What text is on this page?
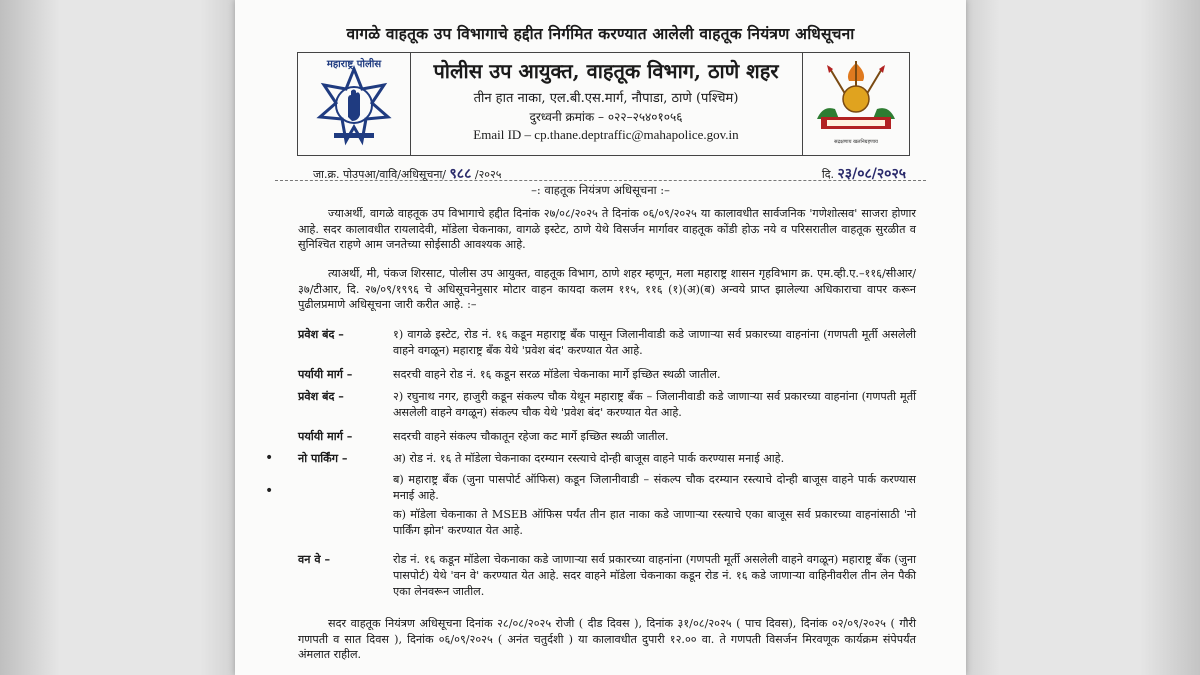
वागळे वाहतूक उप विभागाचे हद्दीत निर्गमित करण्यात आलेली वाहतूक नियंत्रण अधिसूचना
महाराष्ट्र पोलीस	पोलीस उप आयुक्त, वाहतूक विभाग, ठाणे शहर
तीन हात नाका, एल.बी.एस.मार्ग, नौपाडा, ठाणे (पश्चिम)
दुरध्वनी क्रमांक – ०२२–२५४०१०५६
Email ID – cp.thane.deptraffic@mahapolice.gov.in	सद्रक्षणाय खलनिग्रहणाय
जा.क्र. पोउपआ/वावि/अधिसूचना/ ९८८ /२०२५	दि. २३/०८/२०२५
–: वाहतूक नियंत्रण अधिसूचना :–
ज्याअर्थी, वागळे वाहतूक उप विभागाचे हद्दीत दिनांक २७/०८/२०२५ ते दिनांक ०६/०९/२०२५ या कालावधीत सार्वजनिक 'गणेशोत्सव' साजरा होणार आहे. सदर कालावधीत रायलादेवी, मॉडेला चेकनाका, वागळे इस्टेट, ठाणे येथे विसर्जन मार्गावर वाहतूक कोंडी होऊ नये व परिसरातील वाहतूक सुरळीत व सुनिश्चित राहणे आम जनतेच्या सोईसाठी आवश्यक आहे.
त्याअर्थी, मी, पंकज शिरसाट, पोलीस उप आयुक्त, वाहतूक विभाग, ठाणे शहर म्हणून, मला महाराष्ट्र शासन गृहविभाग क्र. एम.व्ही.ए.–११६/सीआर/३७/टीआर, दि. २७/०९/१९९६ चे अधिसूचनेनुसार मोटार वाहन कायदा कलम ११५, ११६ (१)(अ)(ब) अन्वये प्राप्त झालेल्या अधिकाराचा वापर करून पुढीलप्रमाणे अधिसूचना जारी करीत आहे. :–
प्रवेश बंद –	१) वागळे इस्टेट, रोड नं. १६ कडून महाराष्ट्र बँक पासून जिलानीवाडी कडे जाणाऱ्या सर्व प्रकारच्या वाहनांना (गणपती मूर्ती असलेली वाहने वगळून) महाराष्ट्र बँक येथे 'प्रवेश बंद' करण्यात येत आहे.
पर्यायी मार्ग –	सदरची वाहने रोड नं. १६ कडून सरळ मॉडेला चेकनाका मार्गे इच्छित स्थळी जातील.
प्रवेश बंद –	२) रघुनाथ नगर, हाजुरी कडून संकल्प चौक येथून महाराष्ट्र बँक – जिलानीवाडी कडे जाणाऱ्या सर्व प्रकारच्या वाहनांना (गणपती मूर्ती असलेली वाहने वगळून) संकल्प चौक येथे 'प्रवेश बंद' करण्यात येत आहे.
पर्यायी मार्ग –	सदरची वाहने संकल्प चौकातून रहेजा कट मार्गे इच्छित स्थळी जातील.
• नो पार्किंग –	अ) रोड नं. १६ ते मॉडेला चेकनाका दरम्यान रस्त्याचे दोन्ही बाजूस वाहने पार्क करण्यास मनाई आहे.
•
ब) महाराष्ट्र बँक (जुना पासपोर्ट ऑफिस) कडून जिलानीवाडी – संकल्प चौक दरम्यान रस्त्याचे दोन्ही बाजूस वाहने पार्क करण्यास मनाई आहे.
क) मॉडेला चेकनाका ते MSEB ऑफिस पर्यंत तीन हात नाका कडे जाणाऱ्या रस्त्याचे एका बाजूस सर्व प्रकारच्या वाहनांसाठी 'नो पार्किंग झोन' करण्यात येत आहे.
वन वे –	रोड नं. १६ कडून मॉडेला चेकनाका कडे जाणाऱ्या सर्व प्रकारच्या वाहनांना (गणपती मूर्ती असलेली वाहने वगळून) महाराष्ट्र बँक (जुना पासपोर्ट) येथे 'वन वे' करण्यात येत आहे. सदर वाहने मॉडेला चेकनाका कडून रोड नं. १६ कडे जाणाऱ्या वाहिनीवरील तीन लेन पैकी एका लेनवरून जातील.
सदर वाहतूक नियंत्रण अधिसूचना दिनांक २८/०८/२०२५ रोजी ( दीड दिवस ), दिनांक ३१/०८/२०२५ ( पाच दिवस), दिनांक ०२/०९/२०२५ ( गौरी गणपती व सात दिवस ), दिनांक ०६/०९/२०२५ ( अनंत चतुर्दशी ) या कालावधीत दुपारी १२.०० वा. ते गणपती विसर्जन मिरवणूक कार्यक्रम संपेपर्यंत अंमलात राहील.
